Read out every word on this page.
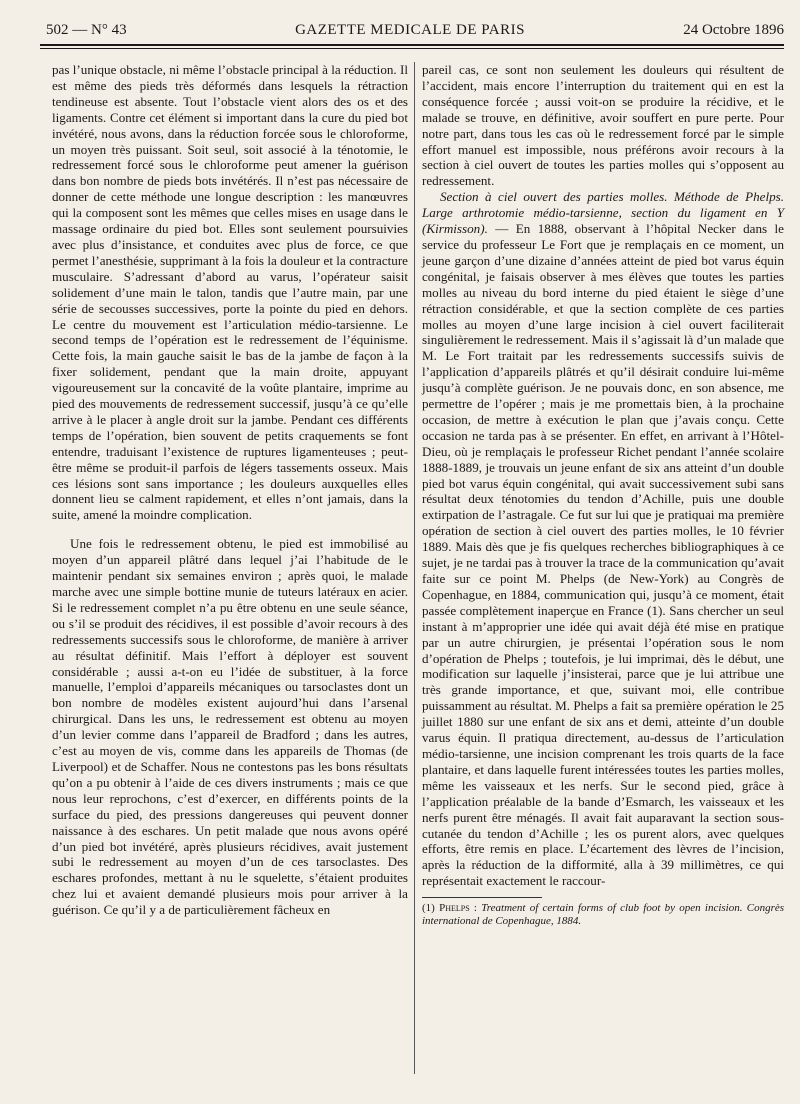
502 — N° 43	GAZETTE MEDICALE DE PARIS	24 Octobre 1896

pas l’unique obstacle, ni même l’obstacle principal à la réduction. Il est même des pieds très déformés dans lesquels la rétraction tendineuse est absente. Tout l’obstacle vient alors des os et des ligaments. Contre cet élément si important dans la cure du pied bot invétéré, nous avons, dans la réduction forcée sous le chloroforme, un moyen très puissant. Soit seul, soit associé à la ténotomie, le redressement forcé sous le chloroforme peut amener la guérison dans bon nombre de pieds bots invétérés. Il n’est pas nécessaire de donner de cette méthode une longue description : les manœuvres qui la composent sont les mêmes que celles mises en usage dans le massage ordinaire du pied bot. Elles sont seulement poursuivies avec plus d’insistance, et conduites avec plus de force, ce que permet l’anesthésie, supprimant à la fois la douleur et la contracture musculaire. S’adressant d’abord au varus, l’opérateur saisit solidement d’une main le talon, tandis que l’autre main, par une série de secousses successives, porte la pointe du pied en dehors. Le centre du mouvement est l’articulation médio-tarsienne. Le second temps de l’opération est le redressement de l’équinisme. Cette fois, la main gauche saisit le bas de la jambe de façon à la fixer solidement, pendant que la main droite, appuyant vigoureusement sur la concavité de la voûte plantaire, imprime au pied des mouvements de redressement successif, jusqu’à ce qu’elle arrive à le placer à angle droit sur la jambe. Pendant ces différents temps de l’opération, bien souvent de petits craquements se font entendre, traduisant l’existence de ruptures ligamenteuses ; peut-être même se produit-il parfois de légers tassements osseux. Mais ces lésions sont sans importance ; les douleurs auxquelles elles donnent lieu se calment rapidement, et elles n’ont jamais, dans la suite, amené la moindre complication.

Une fois le redressement obtenu, le pied est immobilisé au moyen d’un appareil plâtré dans lequel j’ai l’habitude de le maintenir pendant six semaines environ ; après quoi, le malade marche avec une simple bottine munie de tuteurs latéraux en acier. Si le redressement complet n’a pu être obtenu en une seule séance, ou s’il se produit des récidives, il est possible d’avoir recours à des redressements successifs sous le chloroforme, de manière à arriver au résultat définitif. Mais l’effort à déployer est souvent considérable ; aussi a-t-on eu l’idée de substituer, à la force manuelle, l’emploi d’appareils mécaniques ou tarsoclastes dont un bon nombre de modèles existent aujourd’hui dans l’arsenal chirurgical. Dans les uns, le redressement est obtenu au moyen d’un levier comme dans l’appareil de Bradford ; dans les autres, c’est au moyen de vis, comme dans les appareils de Thomas (de Liverpool) et de Schaffer. Nous ne contestons pas les bons résultats qu’on a pu obtenir à l’aide de ces divers instruments ; mais ce que nous leur reprochons, c’est d’exercer, en différents points de la surface du pied, des pressions dangereuses qui peuvent donner naissance à des eschares. Un petit malade que nous avons opéré d’un pied bot invétéré, après plusieurs récidives, avait justement subi le redressement au moyen d’un de ces tarsoclastes. Des eschares profondes, mettant à nu le squelette, s’étaient produites chez lui et avaient demandé plusieurs mois pour arriver à la guérison. Ce qu’il y a de particulièrement fâcheux en

pareil cas, ce sont non seulement les douleurs qui résultent de l’accident, mais encore l’interruption du traitement qui en est la conséquence forcée ; aussi voit-on se produire la récidive, et le malade se trouve, en définitive, avoir souffert en pure perte. Pour notre part, dans tous les cas où le redressement forcé par le simple effort manuel est impossible, nous préférons avoir recours à la section à ciel ouvert de toutes les parties molles qui s’opposent au redressement.

Section à ciel ouvert des parties molles. Méthode de Phelps. Large arthrotomie médio-tarsienne, section du ligament en Y (Kirmisson). — En 1888, observant à l’hôpital Necker dans le service du professeur Le Fort que je remplaçais en ce moment, un jeune garçon d’une dizaine d’années atteint de pied bot varus équin congénital, je faisais observer à mes élèves que toutes les parties molles au niveau du bord interne du pied étaient le siège d’une rétraction considérable, et que la section complète de ces parties molles au moyen d’une large incision à ciel ouvert faciliterait singulièrement le redressement. Mais il s’agissait là d’un malade que M. Le Fort traitait par les redressements successifs suivis de l’application d’appareils plâtrés et qu’il désirait conduire lui-même jusqu’à complète guérison. Je ne pouvais donc, en son absence, me permettre de l’opérer ; mais je me promettais bien, à la prochaine occasion, de mettre à exécution le plan que j’avais conçu. Cette occasion ne tarda pas à se présenter. En effet, en arrivant à l’Hôtel-Dieu, où je remplaçais le professeur Richet pendant l’année scolaire 1888-1889, je trouvais un jeune enfant de six ans atteint d’un double pied bot varus équin congénital, qui avait successivement subi sans résultat deux ténotomies du tendon d’Achille, puis une double extirpation de l’astragale. Ce fut sur lui que je pratiquai ma première opération de section à ciel ouvert des parties molles, le 10 février 1889. Mais dès que je fis quelques recherches bibliographiques à ce sujet, je ne tardai pas à trouver la trace de la communication qu’avait faite sur ce point M. Phelps (de New-York) au Congrès de Copenhague, en 1884, communication qui, jusqu’à ce moment, était passée complètement inaperçue en France (1). Sans chercher un seul instant à m’approprier une idée qui avait déjà été mise en pratique par un autre chirurgien, je présentai l’opération sous le nom d’opération de Phelps ; toutefois, je lui imprimai, dès le début, une modification sur laquelle j’insisterai, parce que je lui attribue une très grande importance, et que, suivant moi, elle contribue puissamment au résultat. M. Phelps a fait sa première opération le 25 juillet 1880 sur une enfant de six ans et demi, atteinte d’un double varus équin. Il pratiqua directement, au-dessus de l’articulation médio-tarsienne, une incision comprenant les trois quarts de la face plantaire, et dans laquelle furent intéressées toutes les parties molles, même les vaisseaux et les nerfs. Sur le second pied, grâce à l’application préalable de la bande d’Esmarch, les vaisseaux et les nerfs purent être ménagés. Il avait fait auparavant la section sous-cutanée du tendon d’Achille ; les os purent alors, avec quelques efforts, être remis en place. L’écartement des lèvres de l’incision, après la réduction de la difformité, alla à 39 millimètres, ce qui représentait exactement le raccour-

(1) Phelps : Treatment of certain forms of club foot by open incision. Congrès international de Copenhague, 1884.
